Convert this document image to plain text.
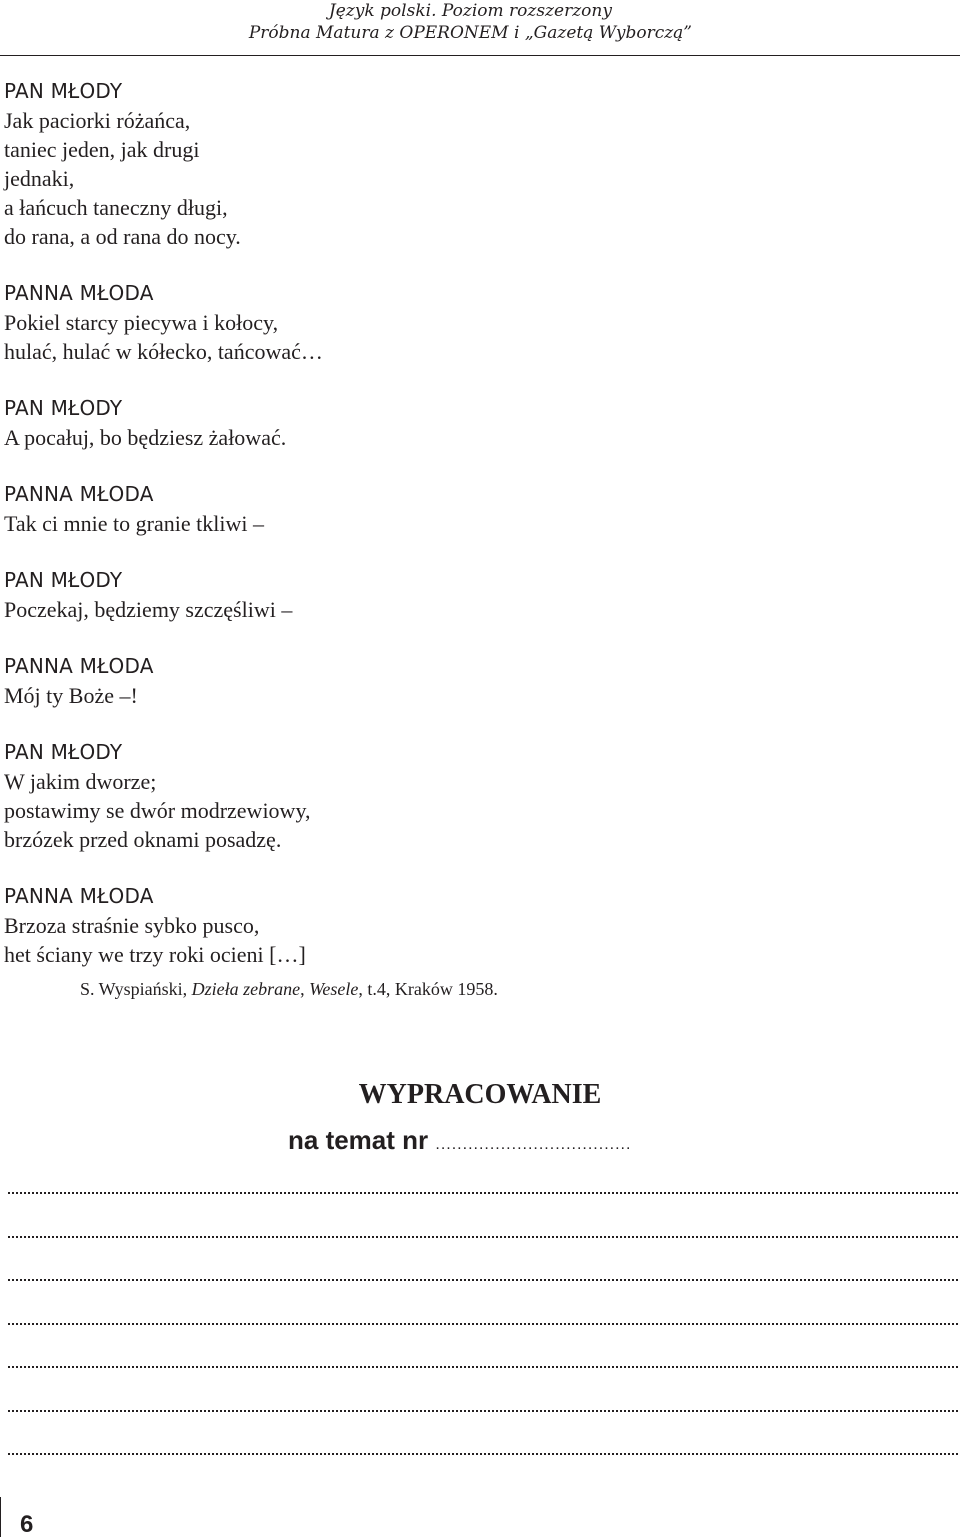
Język polski. Poziom rozszerzony
Próbna Matura z OPERONEM i „Gazetą Wyborczą”
PAN MŁODY
Jak paciorki różańca,
taniec jeden, jak drugi
jednaki,
a łańcuch taneczny długi,
do rana, a od rana do nocy.
PANNA MŁODA
Pokiel starcy piecywa i kołocy,
hulać, hulać w kółecko, tańcować…
PAN MŁODY
A pocałuj, bo będziesz żałować.
PANNA MŁODA
Tak ci mnie to granie tkliwi –
PAN MŁODY
Poczekaj, będziemy szczęśliwi –
PANNA MŁODA
Mój ty Boże –!
PAN MŁODY
W jakim dworze;
postawimy se dwór modrzewiowy,
brzózek przed oknami posadzę.
PANNA MŁODA
Brzoza straśnie sybko pusco,
het ściany we trzy roki ocieni […]
S. Wyspiański, Dzieła zebrane, Wesele, t.4, Kraków 1958.
WYPRACOWANIE
na temat nr ....................................
6
